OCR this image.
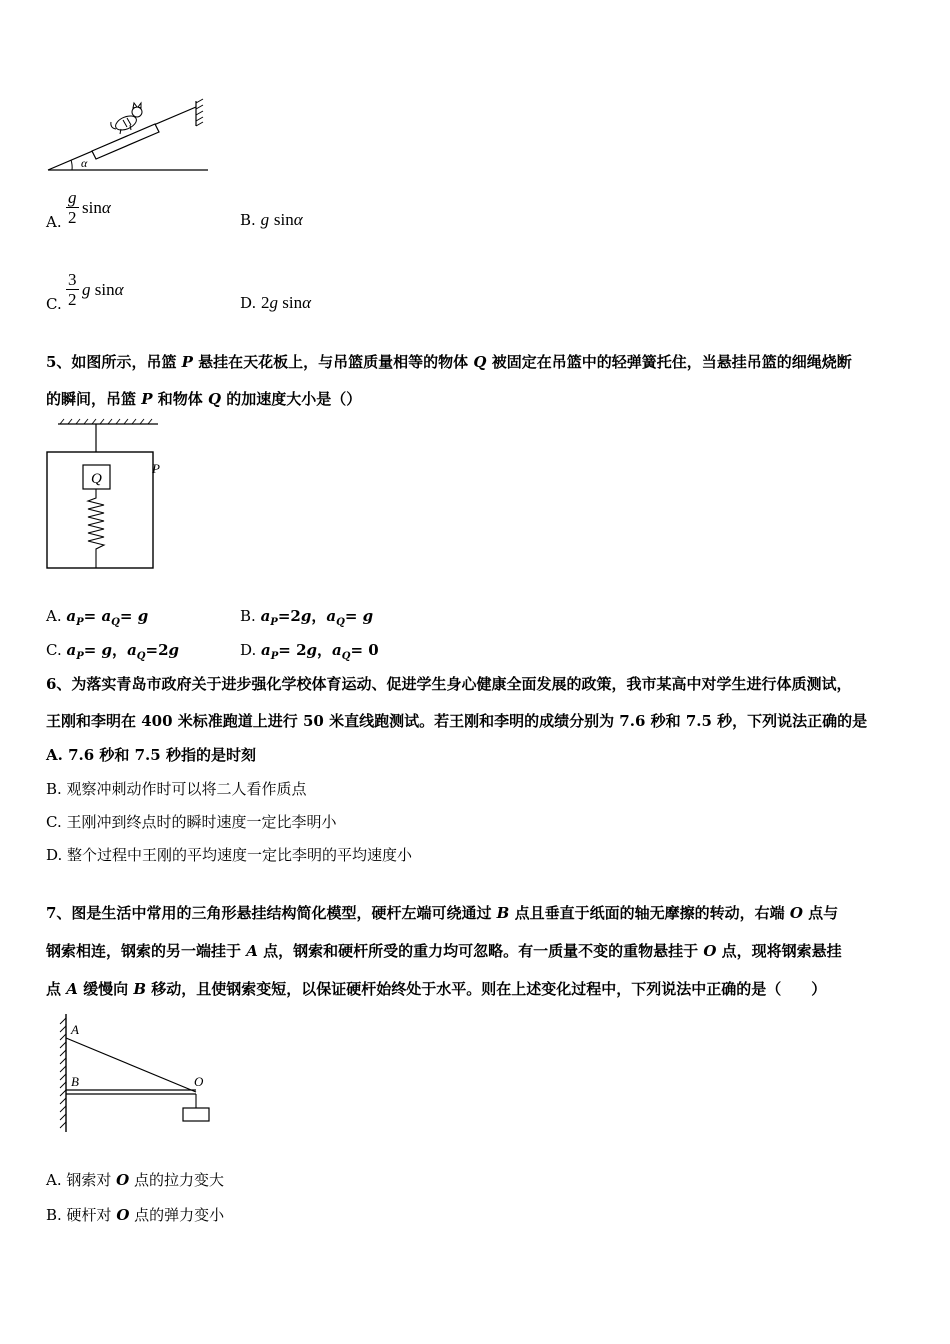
α
A. $\frac{g}{2}$ sinα
B. g sinα
C. $\frac{3}{2}$ g sinα
D. 2g sinα
5、如图所示，吊篮 P 悬挂在天花板上，与吊篮质量相等的物体 Q 被固定在吊篮中的轻弹簧托住，当悬挂吊篮的细绳烧断
的瞬间，吊篮 P 和物体 Q 的加速度大小是（）
Q
P
A. $a_P= a_Q= g$	B. $a_P=2g$，$a_Q= g$
C. $a_P= g$，$a_Q=2g$	D. $a_P= 2g$，$a_Q= 0$
6、为落实青岛市政府关于进步强化学校体育运动、促进学生身心健康全面发展的政策，我市某高中对学生进行体质测试，
王刚和李明在 400 米标准跑道上进行 50 米直线跑测试。若王刚和李明的成绩分别为 7.6 秒和 7.5 秒，下列说法正确的是
A. 7.6 秒和 7.5 秒指的是时刻
B. 观察冲刺动作时可以将二人看作质点
C. 王刚冲到终点时的瞬时速度一定比李明小
D. 整个过程中王刚的平均速度一定比李明的平均速度小
7、图是生活中常用的三角形悬挂结构简化模型，硬杆左端可绕通过 B 点且垂直于纸面的轴无摩擦的转动，右端 O 点与
钢索相连，钢索的另一端挂于 A 点，钢索和硬杆所受的重力均可忽略。有一质量不变的重物悬挂于 O 点，现将钢索悬挂
点 A 缓慢向 B 移动，且使钢索变短，以保证硬杆始终处于水平。则在上述变化过程中，下列说法中正确的是（　　）
A
B	O
A. 钢索对 O 点的拉力变大
B. 硬杆对 O 点的弹力变小
